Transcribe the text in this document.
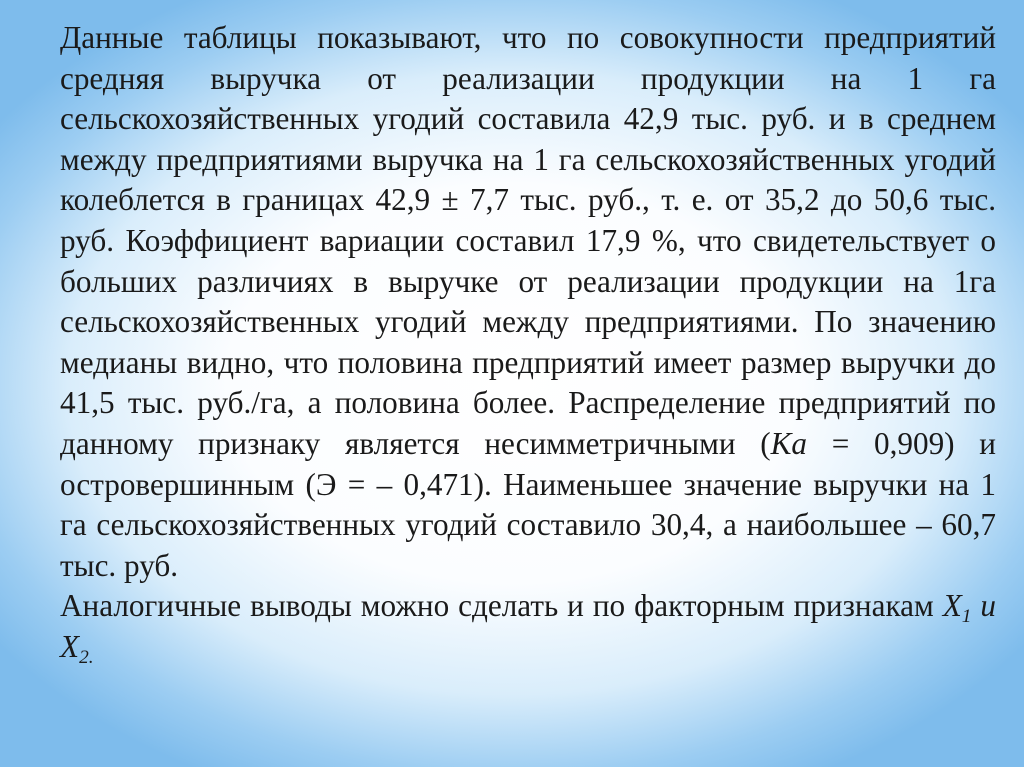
Данные таблицы показывают, что по совокупности предприятий средняя выручка от реализации продукции на 1 га сельскохозяйственных угодий составила 42,9 тыс. руб. и в среднем между предприятиями выручка на 1 га сельскохозяйственных угодий колеблется в границах 42,9 ± 7,7 тыс. руб., т. е. от 35,2 до 50,6 тыс. руб. Коэффициент вариации составил 17,9 %, что свидетельствует о больших различиях в выручке от реализации продукции на 1га сельскохозяйственных угодий между предприятиями. По значению медианы видно, что половина предприятий имеет размер выручки до 41,5 тыс. руб./га, а половина более. Распределение предприятий по данному признаку является несимметричными (Ка = 0,909) и островершинным (Э = – 0,471). Наименьшее значение выручки на 1 га сельскохозяйственных угодий составило 30,4, а наибольшее – 60,7 тыс. руб.

Аналогичные выводы можно сделать и по факторным признакам $X_1$ и $X_{2.}$
